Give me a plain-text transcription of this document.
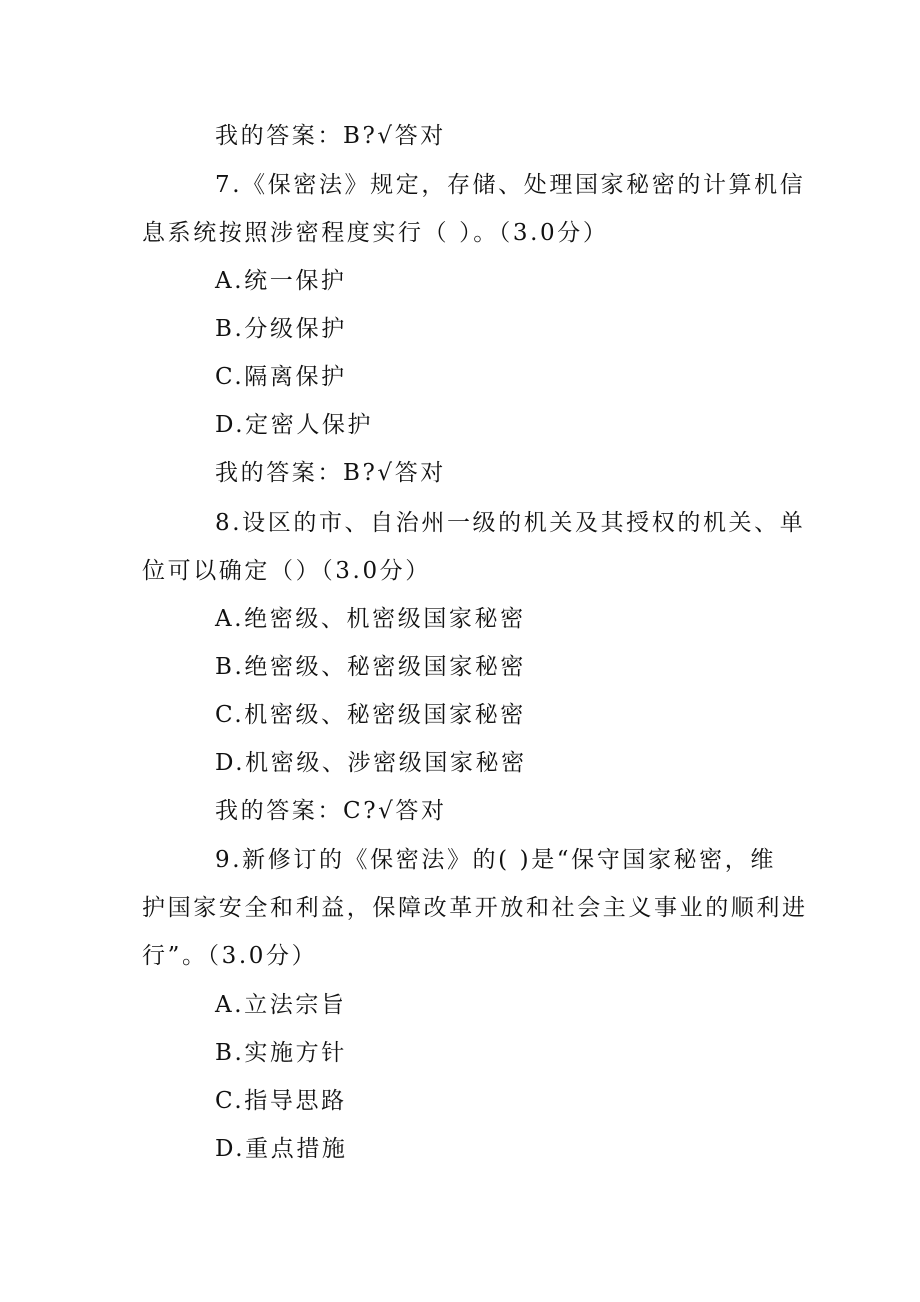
我的答案：B?√答对
7.《保密法》规定，存储、处理国家秘密的计算机信
息系统按照涉密程度实行（ ）。（3.0分）
A.统一保护
B.分级保护
C.隔离保护
D.定密人保护
我的答案：B?√答对
8.设区的市、自治州一级的机关及其授权的机关、单
位可以确定（）（3.0分）
A.绝密级、机密级国家秘密
B.绝密级、秘密级国家秘密
C.机密级、秘密级国家秘密
D.机密级、涉密级国家秘密
我的答案：C?√答对
9.新修订的《保密法》的( )是“保守国家秘密，维
护国家安全和利益，保障改革开放和社会主义事业的顺利进
行”。（3.0分）
A.立法宗旨
B.实施方针
C.指导思路
D.重点措施
